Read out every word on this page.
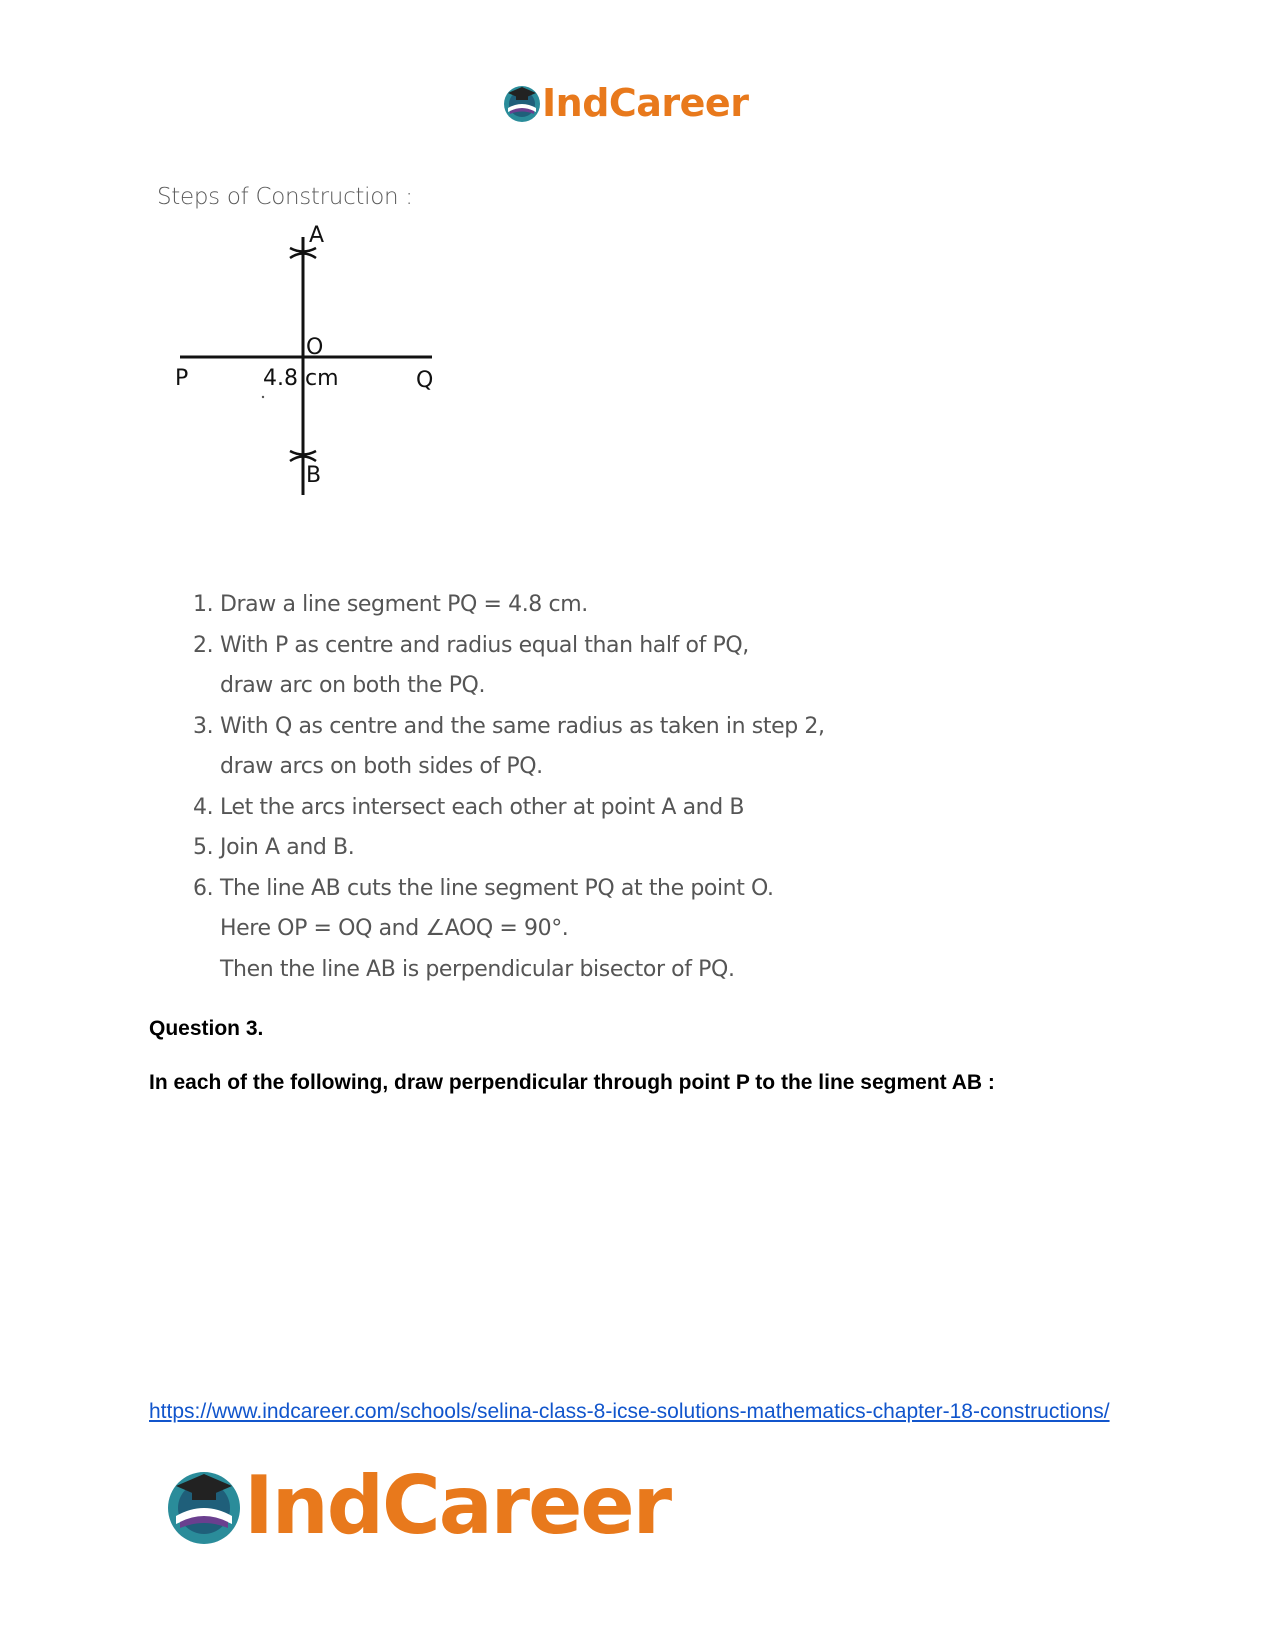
IndCareer
Steps of Construction :
A
B
O
P	Q
4.8 cm
1. Draw a line segment PQ = 4.8 cm.
2. With P as centre and radius equal than half of PQ,
draw arc on both the PQ.
3. With Q as centre and the same radius as taken in step 2,
draw arcs on both sides of PQ.
4. Let the arcs intersect each other at point A and B
5. Join A and B.
6. The line AB cuts the line segment PQ at the point O.
Here OP = OQ and ∠AOQ = 90°.
Then the line AB is perpendicular bisector of PQ.
Question 3.
In each of the following, draw perpendicular through point P to the line segment AB :
https://www.indcareer.com/schools/selina-class-8-icse-solutions-mathematics-chapter-18-constructions/
IndCareer
